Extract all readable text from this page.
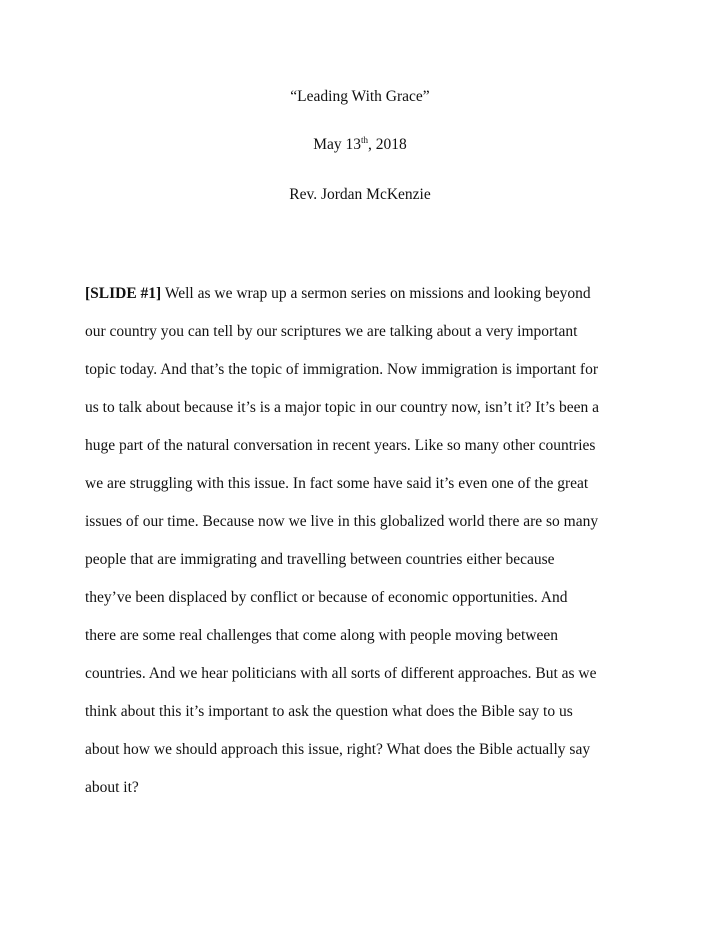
“Leading With Grace”
May 13th, 2018
Rev. Jordan McKenzie
[SLIDE #1] Well as we wrap up a sermon series on missions and looking beyond
our country you can tell by our scriptures we are talking about a very important
topic today. And that’s the topic of immigration. Now immigration is important for
us to talk about because it’s is a major topic in our country now, isn’t it? It’s been a
huge part of the natural conversation in recent years. Like so many other countries
we are struggling with this issue. In fact some have said it’s even one of the great
issues of our time. Because now we live in this globalized world there are so many
people that are immigrating and travelling between countries either because
they’ve been displaced by conflict or because of economic opportunities. And
there are some real challenges that come along with people moving between
countries. And we hear politicians with all sorts of different approaches. But as we
think about this it’s important to ask the question what does the Bible say to us
about how we should approach this issue, right? What does the Bible actually say
about it?
